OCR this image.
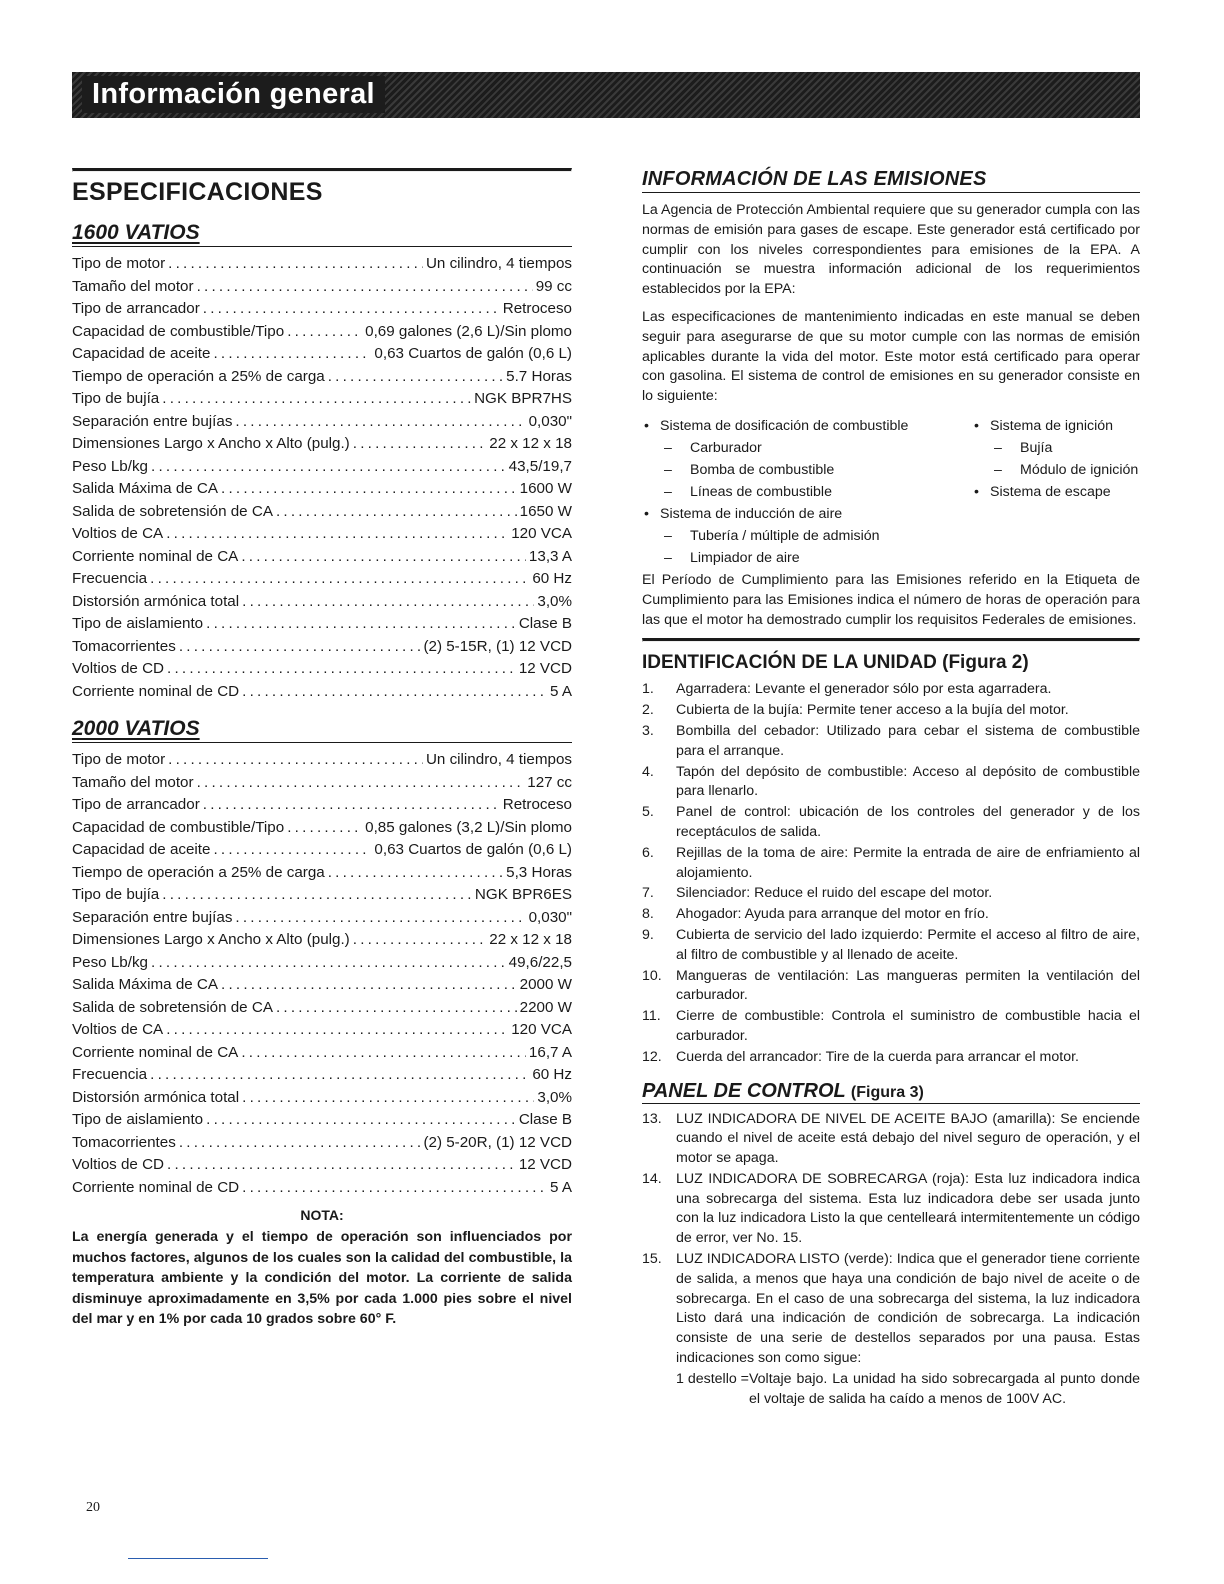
Información general
ESPECIFICACIONES
1600 VATIOS
Tipo de motor . . .	Un cilindro, 4 tiempos
Tamaño del motor . . .	99 cc
Tipo de arrancador . . .	Retroceso
Capacidad de combustible/Tipo . . .	0,69 galones (2,6 L)/Sin plomo
Capacidad de aceite . . .	0,63 Cuartos de galón (0,6 L)
Tiempo de operación a 25% de carga . . .	5.7 Horas
Tipo de bujía . . .	NGK BPR7HS
Separación entre bujías . . .	0,030"
Dimensiones Largo x Ancho x Alto (pulg.) . . .	22 x 12 x 18
Peso Lb/kg . . .	43,5/19,7
Salida Máxima de CA . . .	1600 W
Salida de sobretensión de CA . . .	1650 W
Voltios de CA . . .	120 VCA
Corriente nominal de CA . . .	13,3 A
Frecuencia . . .	60 Hz
Distorsión armónica total . . .	3,0%
Tipo de aislamiento . . .	Clase B
Tomacorrientes . . .	(2) 5-15R, (1) 12 VCD
Voltios de CD . . .	12 VCD
Corriente nominal de CD . . .	5 A
2000 VATIOS
Tipo de motor . . .	Un cilindro, 4 tiempos
Tamaño del motor . . .	127 cc
Tipo de arrancador . . .	Retroceso
Capacidad de combustible/Tipo . . .	0,85 galones (3,2 L)/Sin plomo
Capacidad de aceite . . .	0,63 Cuartos de galón (0,6 L)
Tiempo de operación a 25% de carga . . .	5,3 Horas
Tipo de bujía . . .	NGK BPR6ES
Separación entre bujías . . .	0,030"
Dimensiones Largo x Ancho x Alto (pulg.) . . .	22 x 12 x 18
Peso Lb/kg . . .	49,6/22,5
Salida Máxima de CA . . .	2000 W
Salida de sobretensión de CA . . .	2200 W
Voltios de CA . . .	120 VCA
Corriente nominal de CA . . .	16,7 A
Frecuencia . . .	60 Hz
Distorsión armónica total . . .	3,0%
Tipo de aislamiento . . .	Clase B
Tomacorrientes . . .	(2) 5-20R, (1) 12 VCD
Voltios de CD . . .	12 VCD
Corriente nominal de CD . . .	5 A
NOTA:

La energía generada y el tiempo de operación son influenciados por muchos factores, algunos de los cuales son la calidad del combustible, la temperatura ambiente y la condición del motor. La corriente de salida disminuye aproximadamente en 3,5% por cada 1.000 pies sobre el nivel del mar y en 1% por cada 10 grados sobre 60° F.

INFORMACIÓN DE LAS EMISIONES

La Agencia de Protección Ambiental requiere que su generador cumpla con las normas de emisión para gases de escape. Este generador está certificado por cumplir con los niveles correspondientes para emisiones de la EPA. A continuación se muestra información adicional de los requerimientos establecidos por la EPA:

Las especificaciones de mantenimiento indicadas en este manual se deben seguir para asegurarse de que su motor cumple con las normas de emisión aplicables durante la vida del motor. Este motor está certificado para operar con gasolina. El sistema de control de emisiones en su generador consiste en lo siguiente:

• Sistema de dosificación de combustible
– Carburador
– Bomba de combustible
– Líneas de combustible
• Sistema de inducción de aire
– Tubería / múltiple de admisión
– Limpiador de aire
• Sistema de ignición
– Bujía
– Módulo de ignición
• Sistema de escape

El Período de Cumplimiento para las Emisiones referido en la Etiqueta de Cumplimiento para las Emisiones indica el número de horas de operación para las que el motor ha demostrado cumplir los requisitos Federales de emisiones.

IDENTIFICACIÓN DE LA UNIDAD (Figura 2)
1.	Agarradera: Levante el generador sólo por esta agarradera.
2.	Cubierta de la bujía: Permite tener acceso a la bujía del motor.
3.	Bombilla del cebador: Utilizado para cebar el sistema de combustible para el arranque.
4.	Tapón del depósito de combustible: Acceso al depósito de combustible para llenarlo.
5.	Panel de control: ubicación de los controles del generador y de los receptáculos de salida.
6.	Rejillas de la toma de aire: Permite la entrada de aire de enfriamiento al alojamiento.
7.	Silenciador: Reduce el ruido del escape del motor.
8.	Ahogador: Ayuda para arranque del motor en frío.
9.	Cubierta de servicio del lado izquierdo: Permite el acceso al filtro de aire, al filtro de combustible y al llenado de aceite.
10.	Mangueras de ventilación: Las mangueras permiten la ventilación del carburador.
11.	Cierre de combustible: Controla el suministro de combustible hacia el carburador.
12.	Cuerda del arrancador: Tire de la cuerda para arrancar el motor.
PANEL DE CONTROL (Figura 3)
13.	LUZ INDICADORA DE NIVEL DE ACEITE BAJO (amarilla): Se enciende cuando el nivel de aceite está debajo del nivel seguro de operación, y el motor se apaga.
14.	LUZ INDICADORA DE SOBRECARGA (roja): Esta luz indicadora indica una sobrecarga del sistema. Esta luz indicadora debe ser usada junto con la luz indicadora Listo la que centelleará intermitentemente un código de error, ver No. 15.
15.	LUZ INDICADORA LISTO (verde): Indica que el generador tiene corriente de salida, a menos que haya una condición de bajo nivel de aceite o de sobrecarga. En el caso de una sobrecarga del sistema, la luz indicadora Listo dará una indicación de condición de sobrecarga. La indicación consiste de una serie de destellos separados por una pausa. Estas indicaciones son como sigue:
1 destello = Voltaje bajo. La unidad ha sido sobrecargada al punto donde el voltaje de salida ha caído a menos de 100V AC.
20
